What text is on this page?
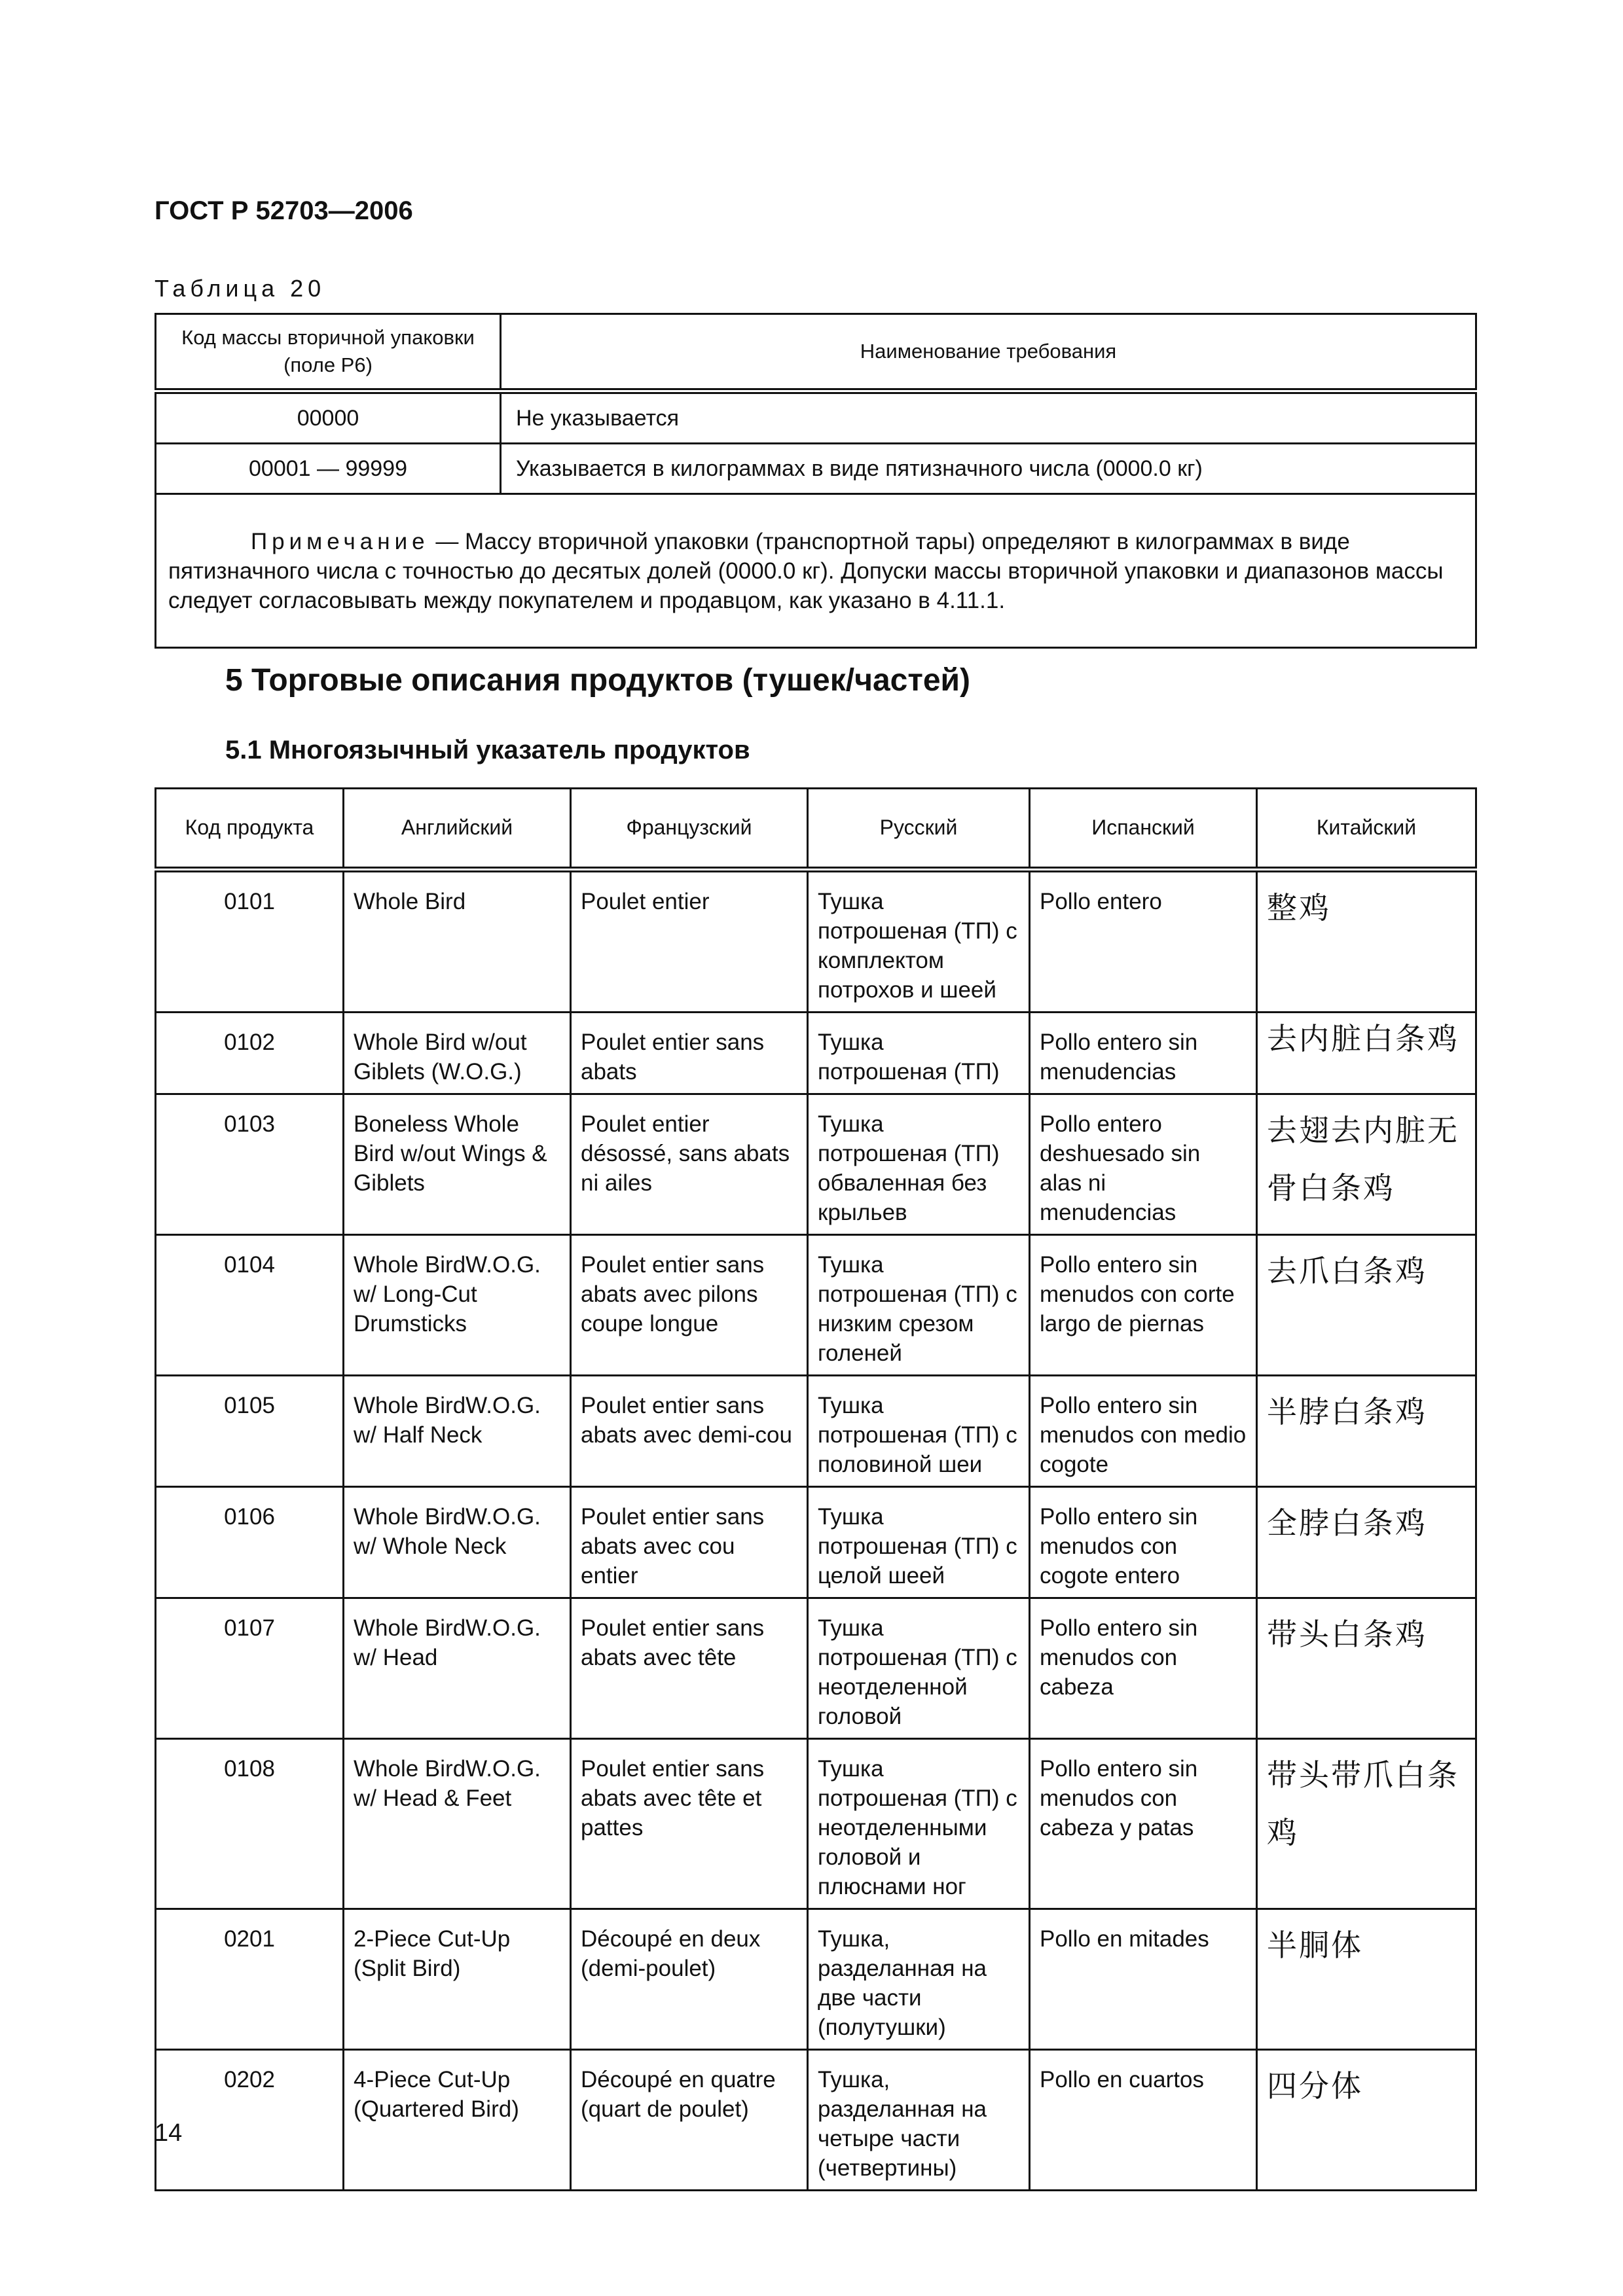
ГОСТ Р 52703—2006
Таблица 20
Код массы вторичной упаковки (поле Р6)	Наименование требования
00000	Не указывается
00001 — 99999	Указывается в килограммах в виде пятизначного числа (0000.0 кг)
Примечание — Массу вторичной упаковки (транспортной тары) определяют в килограммах в виде пятизначного числа с точностью до десятых долей (0000.0 кг). Допуски массы вторичной упаковки и диапазонов массы следует согласовывать между покупателем и продавцом, как указано в 4.11.1.	
5 Торговые описания продуктов (тушек/частей)
5.1 Многоязычный указатель продуктов
Код продукта	Английский	Французский	Русский	Испанский	Китайский
0101	Whole Bird	Poulet entier	Тушка потрошеная (ТП) с комплектом потрохов и шеей	Pollo entero	整鸡
0102	Whole Bird w/out Giblets (W.O.G.)	Poulet entier sans abats	Тушка потрошеная (ТП)	Pollo entero sin menudencias	去内脏白条鸡
0103	Boneless Whole Bird w/out Wings & Giblets	Poulet entier désossé, sans abats ni ailes	Тушка потрошеная (ТП) обваленная без крыльев	Pollo entero deshuesado sin alas ni menudencias	去翅去内脏无骨白条鸡
0104	Whole BirdW.O.G. w/ Long-Cut Drumsticks	Poulet entier sans abats avec pilons coupe longue	Тушка потрошеная (ТП) с низким срезом голеней	Pollo entero sin menudos con corte largo de piernas	去爪白条鸡
0105	Whole BirdW.O.G. w/ Half Neck	Poulet entier sans abats avec demi-cou	Тушка потрошеная (ТП) с половиной шеи	Pollo entero sin menudos con medio cogote	半脖白条鸡
0106	Whole BirdW.O.G. w/ Whole Neck	Poulet entier sans abats avec cou entier	Тушка потрошеная (ТП) с целой шеей	Pollo entero sin menudos con cogote entero	全脖白条鸡
0107	Whole BirdW.O.G. w/ Head	Poulet entier sans abats avec tête	Тушка потрошеная (ТП) с неотделенной головой	Pollo entero sin menudos con cabeza	带头白条鸡
0108	Whole BirdW.O.G. w/ Head & Feet	Poulet entier sans abats avec tête et pattes	Тушка потрошеная (ТП) с неотделенными головой и плюснами ног	Pollo entero sin menudos con cabeza y patas	带头带爪白条鸡
0201	2-Piece Cut-Up (Split Bird)	Découpé en deux (demi-poulet)	Тушка, разделанная на две части (полутушки)	Pollo en mitades	半胴体
0202	4-Piece Cut-Up (Quartered Bird)	Découpé en quatre (quart de poulet)	Тушка, разделанная на четыре части (четвертины)	Pollo en cuartos	四分体
14
